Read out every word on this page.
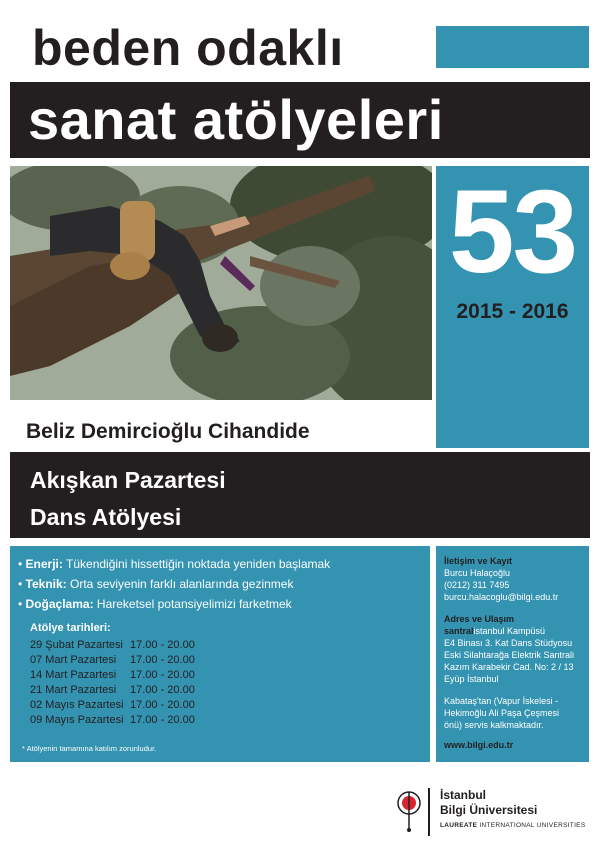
beden odaklı
sanat atölyeleri
53
2015 - 2016
Beliz Demircioğlu Cihandide
Akışkan Pazartesi
Dans Atölyesi
• Enerji: Tükendiğini hissettiğin noktada yeniden başlamak
• Teknik: Orta seviyenin farklı alanlarında gezinmek
• Doğaçlama: Hareketsel potansiyelimizi farketmek
Atölye tarihleri:
29 Şubat Pazartesi 17.00 - 20.00
07 Mart Pazartesi 17.00 - 20.00
14 Mart Pazartesi 17.00 - 20.00
21 Mart Pazartesi 17.00 - 20.00
02 Mayıs Pazartesi 17.00 - 20.00
09 Mayıs Pazartesi 17.00 - 20.00
* Atölyenin tamamına katılım zorunludur.
İletişim ve Kayıt
Burcu Halaçoğlu
(0212) 311 7495
burcu.halacoglu@bilgi.edu.tr
Adres ve Ulaşım
santralistanbul Kampüsü
E4 Binası 3. Kat Dans Stüdyosu
Eski Silahtarağa Elektrik Santrali
Kazım Karabekir Cad. No: 2 / 13
Eyüp İstanbul
Kabataş'tan (Vapur İskelesi -
Hekimoğlu Ali Paşa Çeşmesi
önü) servis kalkmaktadır.
www.bilgi.edu.tr
İstanbul
Bilgi Üniversitesi
LAUREATE INTERNATIONAL UNIVERSITIES
